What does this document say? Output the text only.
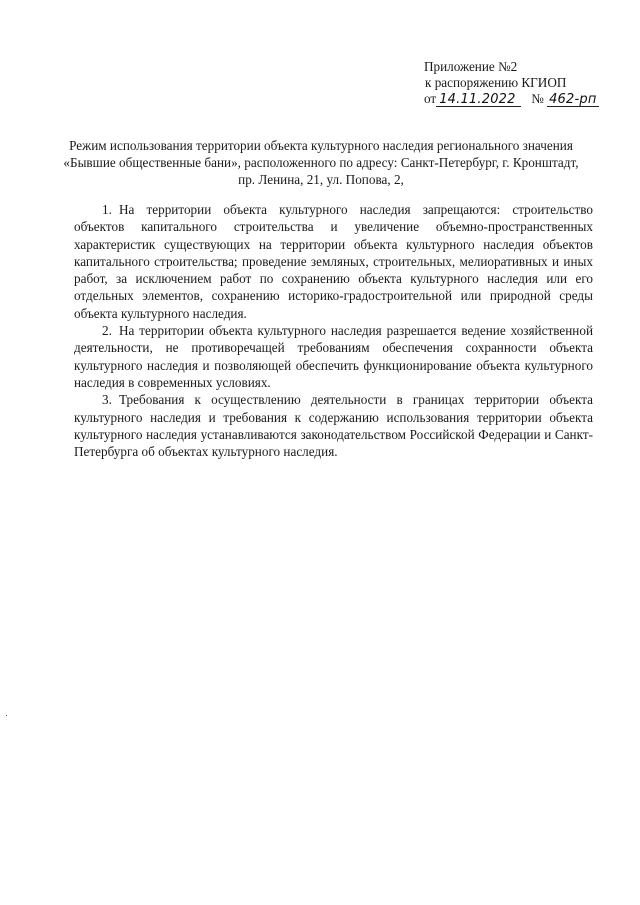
Приложение №2
к распоряжению КГИОП
от 14.11.2022 № 462-рп
Режим использования территории объекта культурного наследия регионального значения
«Бывшие общественные бани», расположенного по адресу: Санкт-Петербург, г. Кронштадт,
пр. Ленина, 21, ул. Попова, 2,

1. На территории объекта культурного наследия запрещаются: строительство объектов капитального строительства и увеличение объемно-пространственных характеристик существующих на территории объекта культурного наследия объектов капитального строительства; проведение земляных, строительных, мелиоративных и иных работ, за исключением работ по сохранению объекта культурного наследия или его отдельных элементов, сохранению историко-градостроительной или природной среды объекта культурного наследия.

2. На территории объекта культурного наследия разрешается ведение хозяйственной деятельности, не противоречащей требованиям обеспечения сохранности объекта культурного наследия и позволяющей обеспечить функционирование объекта культурного наследия в современных условиях.

3. Требования к осуществлению деятельности в границах территории объекта культурного наследия и требования к содержанию использования территории объекта культурного наследия устанавливаются законодательством Российской Федерации и Санкт-Петербурга об объектах культурного наследия.
